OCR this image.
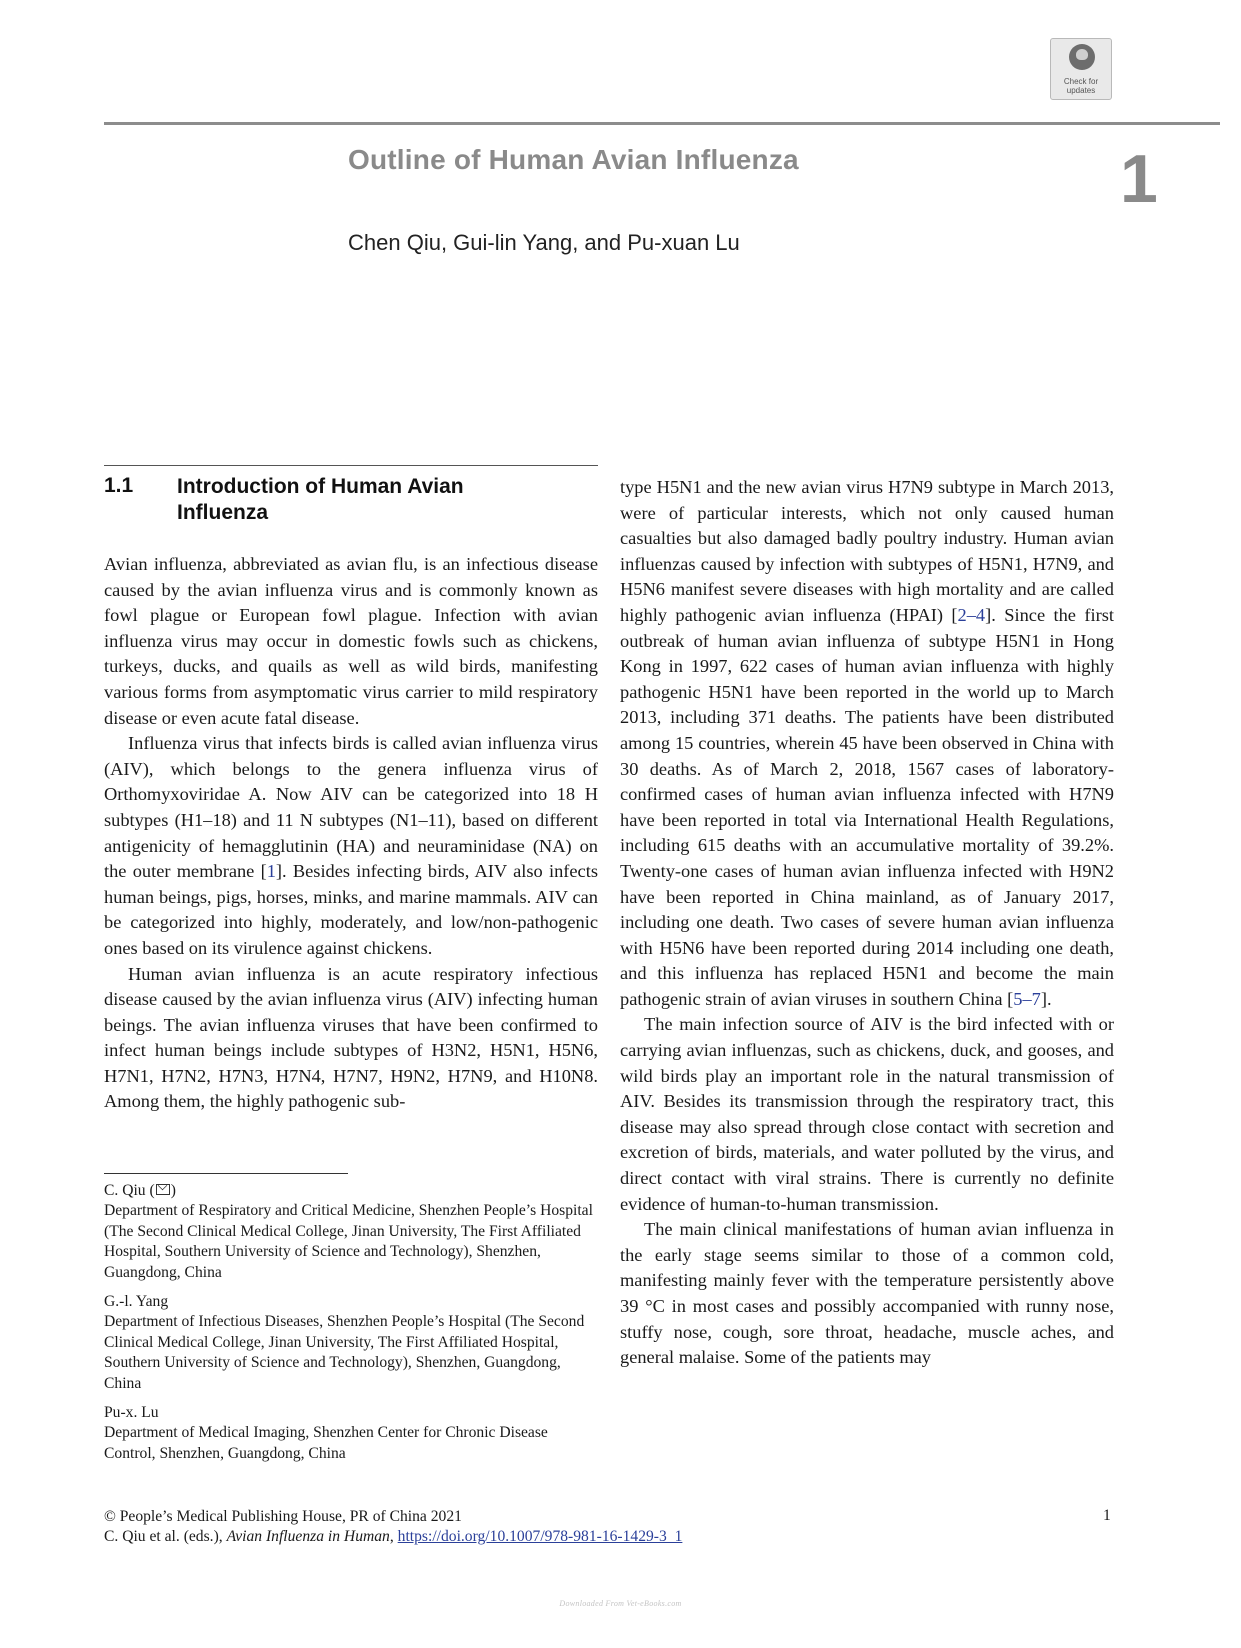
Check for
updates
Outline of Human Avian Influenza	1
Chen Qiu, Gui-lin Yang, and Pu-xuan Lu
1.1 Introduction of Human Avian Influenza

Avian influenza, abbreviated as avian flu, is an infectious disease caused by the avian influenza virus and is commonly known as fowl plague or European fowl plague. Infection with avian influenza virus may occur in domestic fowls such as chickens, turkeys, ducks, and quails as well as wild birds, manifesting various forms from asymptomatic virus carrier to mild respiratory disease or even acute fatal disease.

Influenza virus that infects birds is called avian influenza virus (AIV), which belongs to the genera influenza virus of Orthomyxoviridae A. Now AIV can be categorized into 18 H subtypes (H1–18) and 11 N subtypes (N1–11), based on different antigenicity of hemagglutinin (HA) and neuraminidase (NA) on the outer membrane [1]. Besides infecting birds, AIV also infects human beings, pigs, horses, minks, and marine mammals. AIV can be categorized into highly, moderately, and low/non-pathogenic ones based on its virulence against chickens.

Human avian influenza is an acute respiratory infectious disease caused by the avian influenza virus (AIV) infecting human beings. The avian influenza viruses that have been confirmed to infect human beings include subtypes of H3N2, H5N1, H5N6, H7N1, H7N2, H7N3, H7N4, H7N7, H9N2, H7N9, and H10N8. Among them, the highly pathogenic sub-

type H5N1 and the new avian virus H7N9 subtype in March 2013, were of particular interests, which not only caused human casualties but also damaged badly poultry industry. Human avian influenzas caused by infection with subtypes of H5N1, H7N9, and H5N6 manifest severe diseases with high mortality and are called highly pathogenic avian influenza (HPAI) [2–4]. Since the first outbreak of human avian influenza of subtype H5N1 in Hong Kong in 1997, 622 cases of human avian influenza with highly pathogenic H5N1 have been reported in the world up to March 2013, including 371 deaths. The patients have been distributed among 15 countries, wherein 45 have been observed in China with 30 deaths. As of March 2, 2018, 1567 cases of laboratory-confirmed cases of human avian influenza infected with H7N9 have been reported in total via International Health Regulations, including 615 deaths with an accumulative mortality of 39.2%. Twenty-one cases of human avian influenza infected with H9N2 have been reported in China mainland, as of January 2017, including one death. Two cases of severe human avian influenza with H5N6 have been reported during 2014 including one death, and this influenza has replaced H5N1 and become the main pathogenic strain of avian viruses in southern China [5–7].

The main infection source of AIV is the bird infected with or carrying avian influenzas, such as chickens, duck, and gooses, and wild birds play an important role in the natural transmission of AIV. Besides its transmission through the respiratory tract, this disease may also spread through close contact with secretion and excretion of birds, materials, and water polluted by the virus, and direct contact with viral strains. There is currently no definite evidence of human-to-human transmission.

The main clinical manifestations of human avian influenza in the early stage seems similar to those of a common cold, manifesting mainly fever with the temperature persistently above 39 °C in most cases and possibly accompanied with runny nose, stuffy nose, cough, sore throat, headache, muscle aches, and general malaise. Some of the patients may

C. Qiu ( )
Department of Respiratory and Critical Medicine, Shenzhen People’s Hospital (The Second Clinical Medical College, Jinan University, The First Affiliated Hospital, Southern University of Science and Technology), Shenzhen, Guangdong, China
G.-l. Yang
Department of Infectious Diseases, Shenzhen People’s Hospital (The Second Clinical Medical College, Jinan University, The First Affiliated Hospital, Southern University of Science and Technology), Shenzhen, Guangdong, China
Pu-x. Lu
Department of Medical Imaging, Shenzhen Center for Chronic Disease Control, Shenzhen, Guangdong, China
© People’s Medical Publishing House, PR of China 2021
C. Qiu et al. (eds.), Avian Influenza in Human, https://doi.org/10.1007/978-981-16-1429-3_1
1
Downloaded From Vet-eBooks.com
